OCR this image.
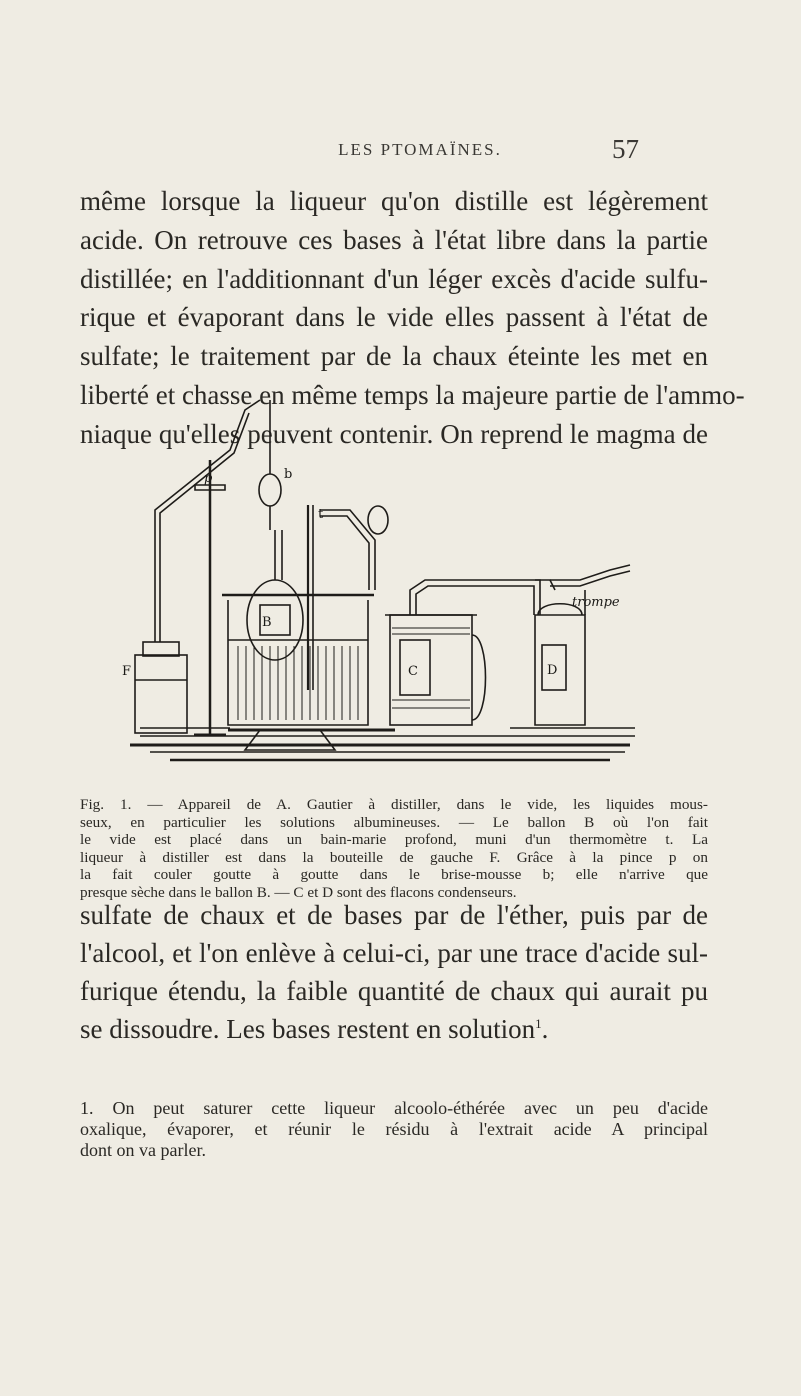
LES PTOMAÏNES.	57

même lorsque la liqueur qu'on distille est légèrement
acide. On retrouve ces bases à l'état libre dans la partie
distillée; en l'additionnant d'un léger excès d'acide sulfu-
rique et évaporant dans le vide elles passent à l'état de
sulfate; le traitement par de la chaux éteinte les met en
liberté et chasse en même temps la majeure partie de l'ammo-
niaque qu'elles peuvent contenir. On reprend le magma de

p	b
t
B
C	D
F
trompe

Fig. 1. — Appareil de A. Gautier à distiller, dans le vide, les liquides mous-
seux, en particulier les solutions albumineuses. — Le ballon B où l'on fait
le vide est placé dans un bain-marie profond, muni d'un thermomètre t. La
liqueur à distiller est dans la bouteille de gauche F. Grâce à la pince p on
la fait couler goutte à goutte dans le brise-mousse b; elle n'arrive que
presque sèche dans le ballon B. — C et D sont des flacons condenseurs.

sulfate de chaux et de bases par de l'éther, puis par de
l'alcool, et l'on enlève à celui-ci, par une trace d'acide sul-
furique étendu, la faible quantité de chaux qui aurait pu
se dissoudre. Les bases restent en solution$^1$.

1. On peut saturer cette liqueur alcoolo-éthérée avec un peu d'acide
oxalique, évaporer, et réunir le résidu à l'extrait acide A principal
dont on va parler.
